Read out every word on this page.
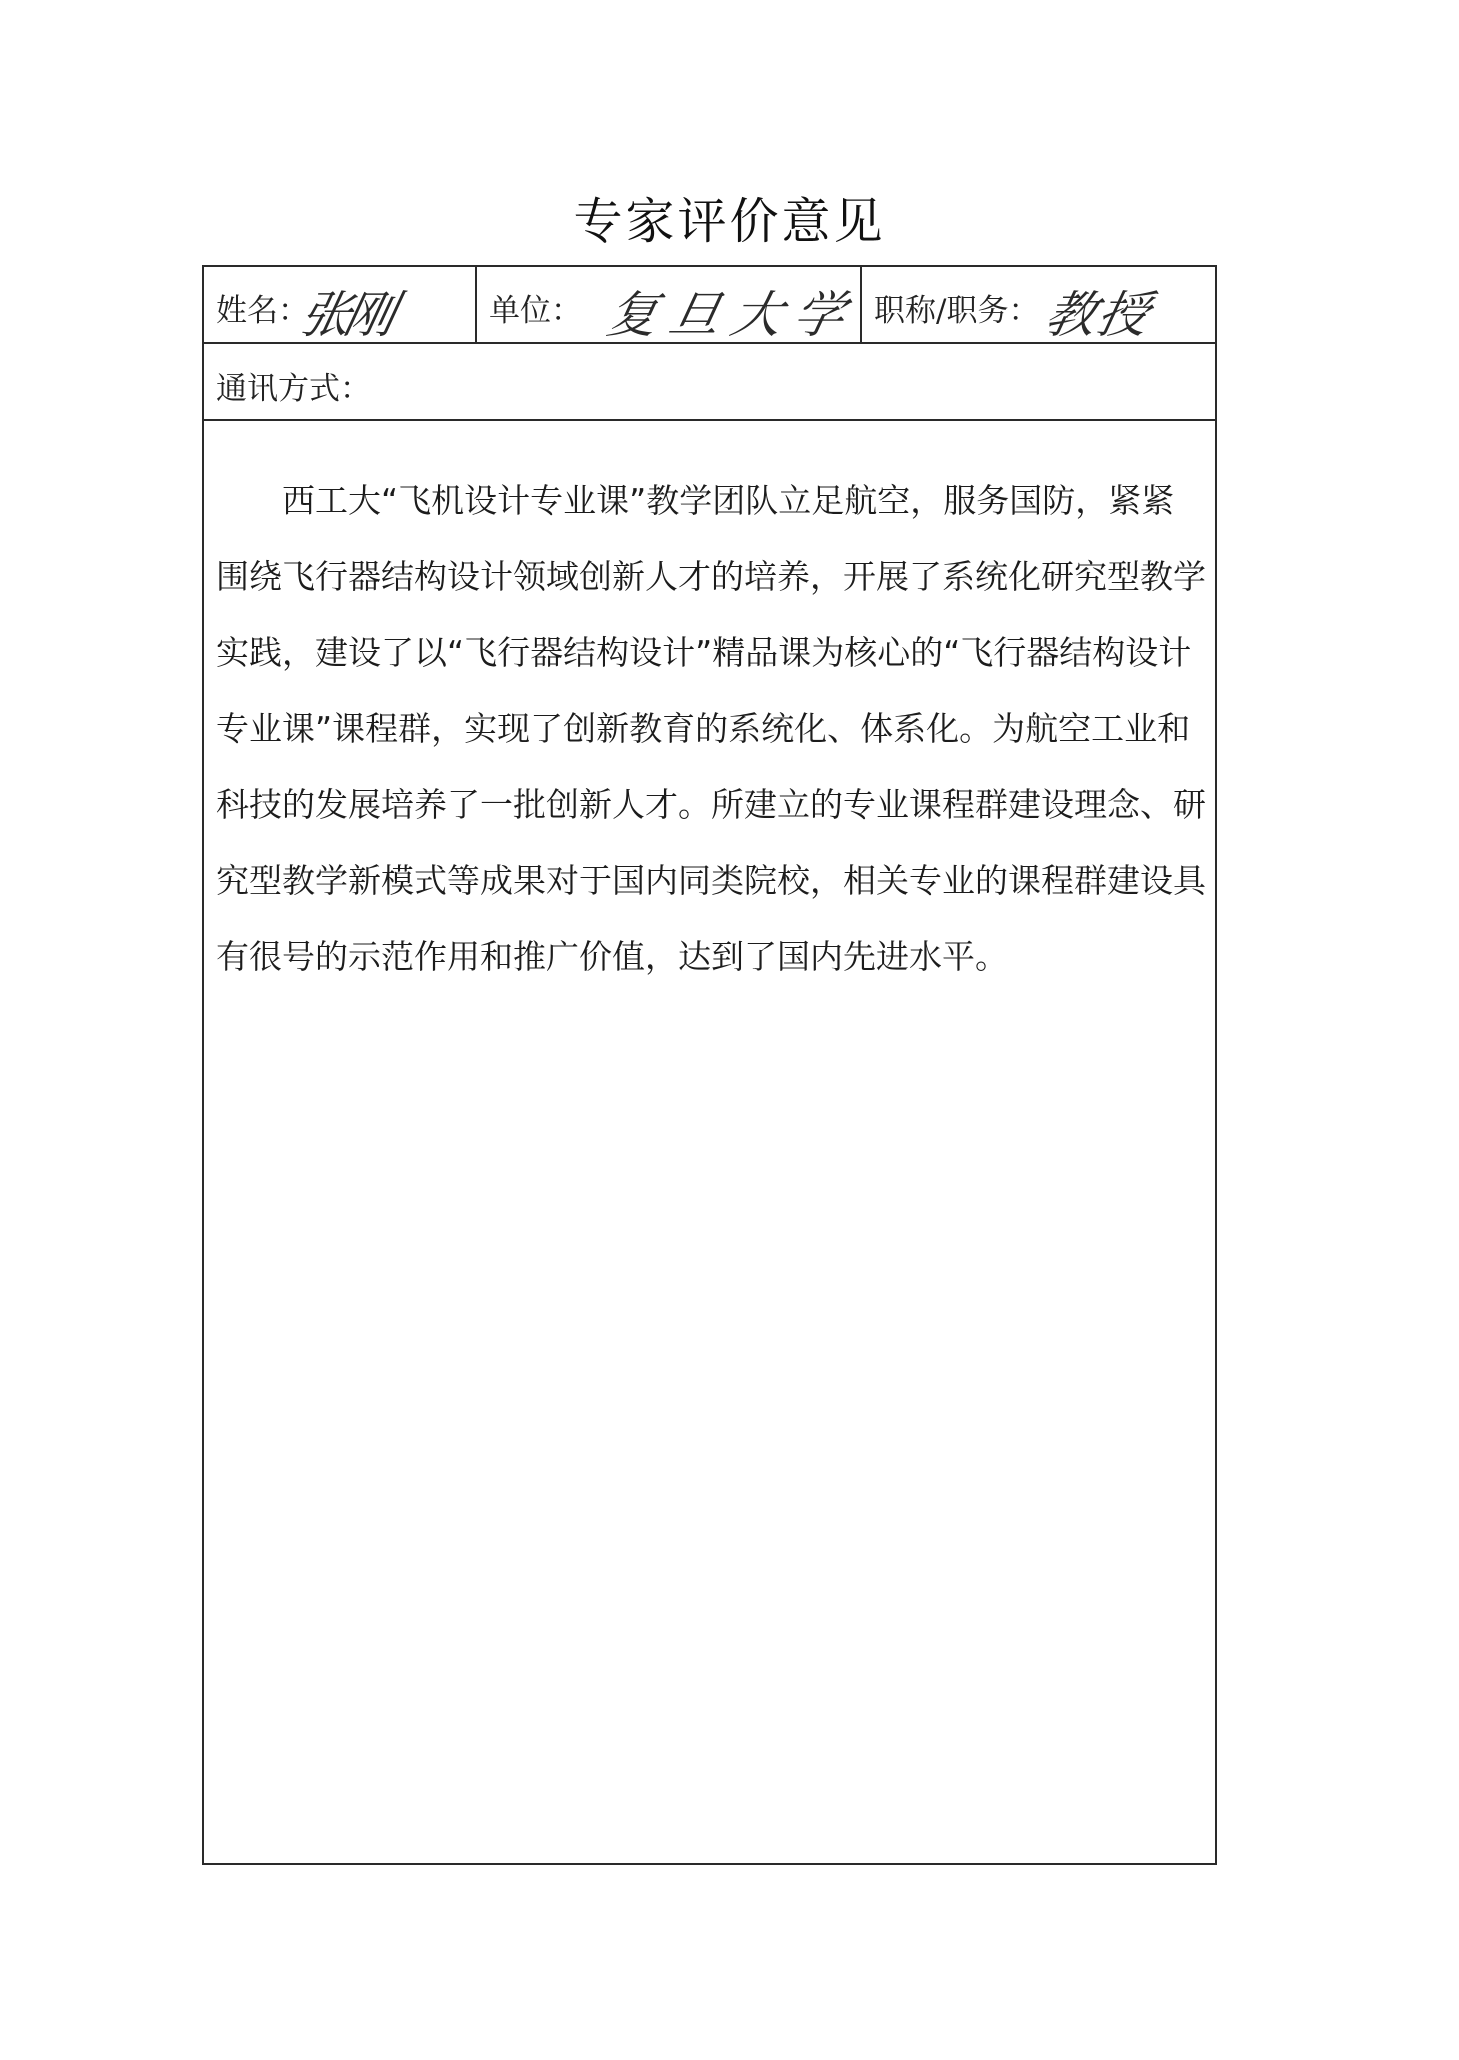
专家评价意见
姓名：
张刚	单位： 复旦大学 职称/职务： 教授
通讯方式：

西工大“飞机设计专业课”教学团队立足航空，服务国防，紧紧围绕飞行器结构设计领域创新人才的培养，开展了系统化研究型教学实践，建设了以“飞行器结构设计”精品课为核心的“飞行器结构设计专业课”课程群，实现了创新教育的系统化、体系化。为航空工业和科技的发展培养了一批创新人才。所建立的专业课程群建设理念、研究型教学新模式等成果对于国内同类院校，相关专业的课程群建设具有很号的示范作用和推广价值，达到了国内先进水平。
